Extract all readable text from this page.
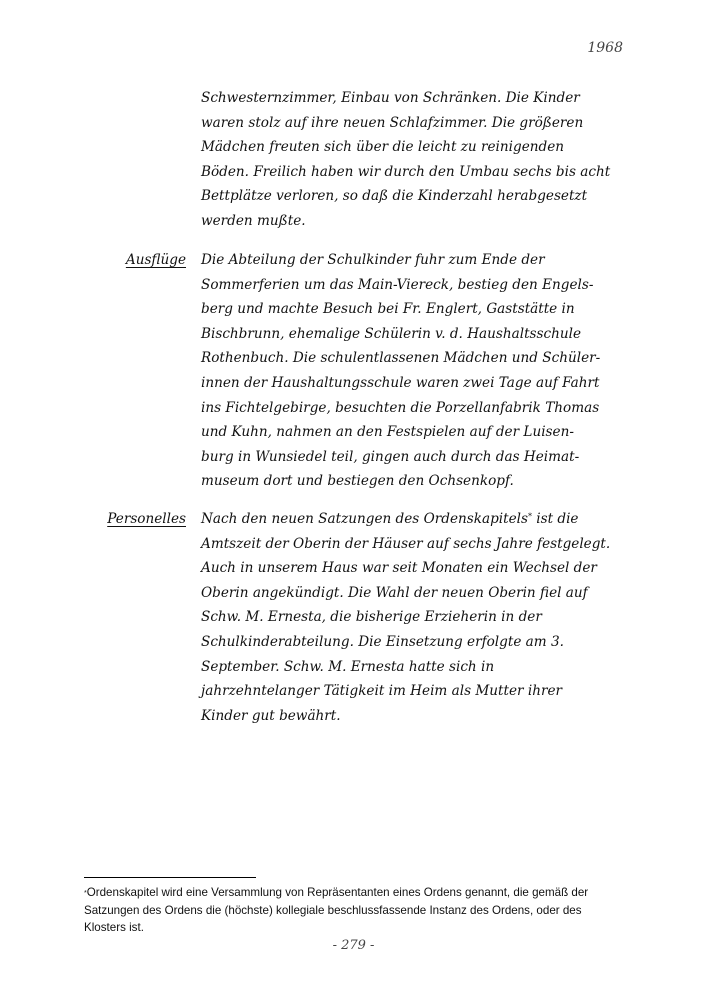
1968
Schwesternzimmer, Einbau von Schränken. Die Kinder
waren stolz auf ihre neuen Schlafzimmer. Die größeren
Mädchen freuten sich über die leicht zu reinigenden
Böden. Freilich haben wir durch den Umbau sechs bis acht
Bettplätze verloren, so daß die Kinderzahl herabgesetzt
werden mußte.
Ausflüge Die Abteilung der Schulkinder fuhr zum Ende der
Sommerferien um das Main-Viereck, bestieg den Engels-
berg und machte Besuch bei Fr. Englert, Gaststätte in
Bischbrunn, ehemalige Schülerin v. d. Haushaltsschule
Rothenbuch. Die schulentlassenen Mädchen und Schüler-
innen der Haushaltungsschule waren zwei Tage auf Fahrt
ins Fichtelgebirge, besuchten die Porzellanfabrik Thomas
und Kuhn, nahmen an den Festspielen auf der Luisen-
burg in Wunsiedel teil, gingen auch durch das Heimat-
museum dort und bestiegen den Ochsenkopf.
Personelles Nach den neuen Satzungen des Ordenskapitels* ist die
Amtszeit der Oberin der Häuser auf sechs Jahre festgelegt.
Auch in unserem Haus war seit Monaten ein Wechsel der
Oberin angekündigt. Die Wahl der neuen Oberin fiel auf
Schw. M. Ernesta, die bisherige Erzieherin in der
Schulkinderabteilung. Die Einsetzung erfolgte am 3.
September. Schw. M. Ernesta hatte sich in
jahrzehntelanger Tätigkeit im Heim als Mutter ihrer
Kinder gut bewährt.
*Ordenskapitel wird eine Versammlung von Repräsentanten eines Ordens genannt, die gemäß der Satzungen des Ordens die (höchste) kollegiale beschlussfassende Instanz des Ordens, oder des Klosters ist.
- 279 -
